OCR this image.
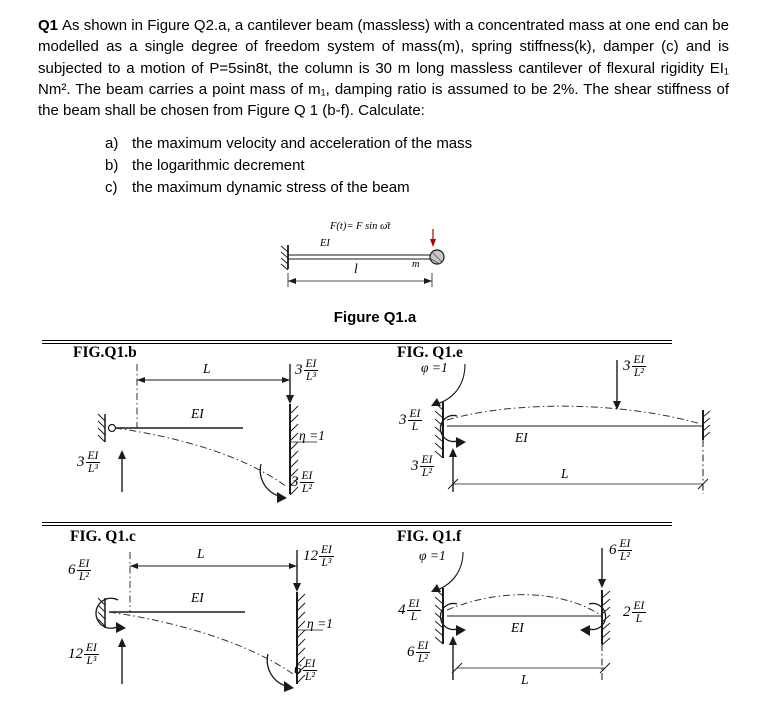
Q1 As shown in Figure Q2.a, a cantilever beam (massless) with a concentrated mass at one end can be modelled as a single degree of freedom system of mass(m), spring stiffness(k), damper (c) and is subjected to a motion of P=5sin8t, the column is 30 m long massless cantilever of flexural rigidity EI₁ Nm². The beam carries a point mass of m₁, damping ratio is assumed to be 2%. The shear stiffness of the beam shall be chosen from Figure Q 1 (b-f). Calculate:

a) the maximum velocity and acceleration of the mass
b) the logarithmic decrement
c) the maximum dynamic stress of the beam
F(t)= F sin ω̄t
EI
m
l
Figure Q1.a
FIG.Q1.b
L
EI
η =1
$3 \frac{EI}{\text{L³}}$
$3 \frac{EI}{\text{L²}}$
$3 \frac{EI}{\text{L³}}$
FIG. Q1.e
φ =1
EI
L
$3 \frac{EI}{L}$
$3 \frac{EI}{\text{L²}}$
$3 \frac{EI}{\text{L²}}$
FIG. Q1.c
L
EI
η =1
$6 \frac{EI}{\text{L²}}$
$12 \frac{EI}{\text{L³}}$
$6 \frac{EI}{\text{L²}}$
$12 \frac{EI}{\text{L³}}$
FIG. Q1.f
φ =1
EI
L
$4 \frac{EI}{L}$	$2 \frac{EI}{L}$
$6 \frac{EI}{\text{L²}}$
$6 \frac{EI}{\text{L²}}$
